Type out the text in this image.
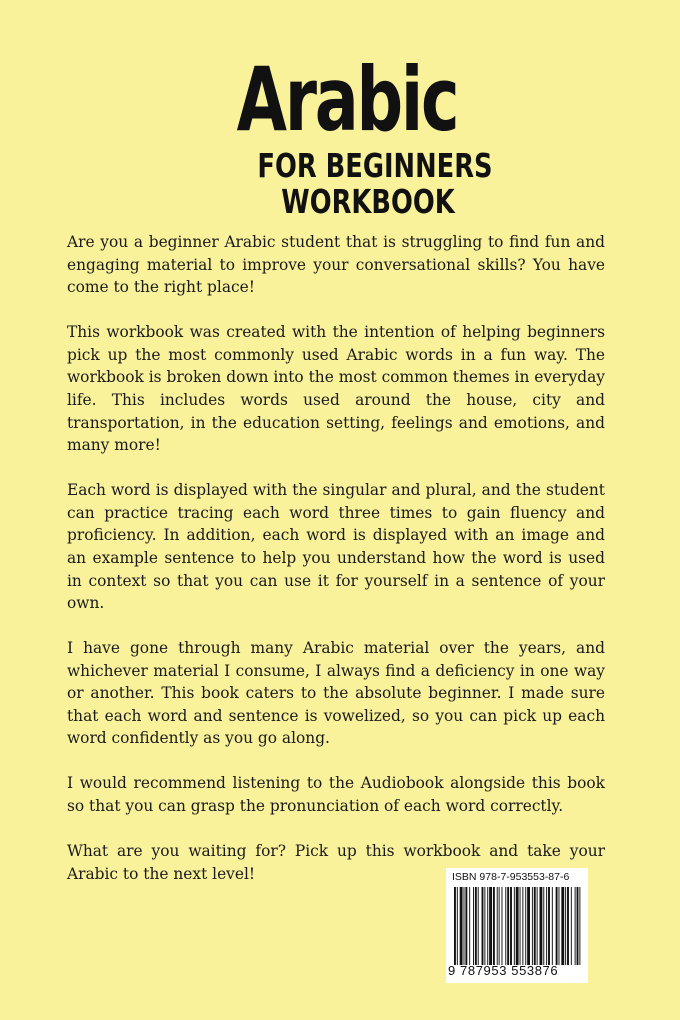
Arabic
FOR BEGINNERS
WORKBOOK

Are you a beginner Arabic student that is struggling to find fun and engaging material to improve your conversational skills? You have come to the right place!

This workbook was created with the intention of helping beginners pick up the most commonly used Arabic words in a fun way. The workbook is broken down into the most common themes in everyday life. This includes words used around the house, city and transportation, in the education setting, feelings and emotions, and many more!

Each word is displayed with the singular and plural, and the student can practice tracing each word three times to gain fluency and proficiency. In addition, each word is displayed with an image and an example sentence to help you understand how the word is used in context so that you can use it for yourself in a sentence of your own.

I have gone through many Arabic material over the years, and whichever material I consume, I always find a deficiency in one way or another. This book caters to the absolute beginner. I made sure that each word and sentence is vowelized, so you can pick up each word confidently as you go along.

I would recommend listening to the Audiobook alongside this book so that you can grasp the pronunciation of each word correctly.

What are you waiting for? Pick up this workbook and take your Arabic to the next level!	ISBN 978-7-953553-87-6
9 787953 553876
